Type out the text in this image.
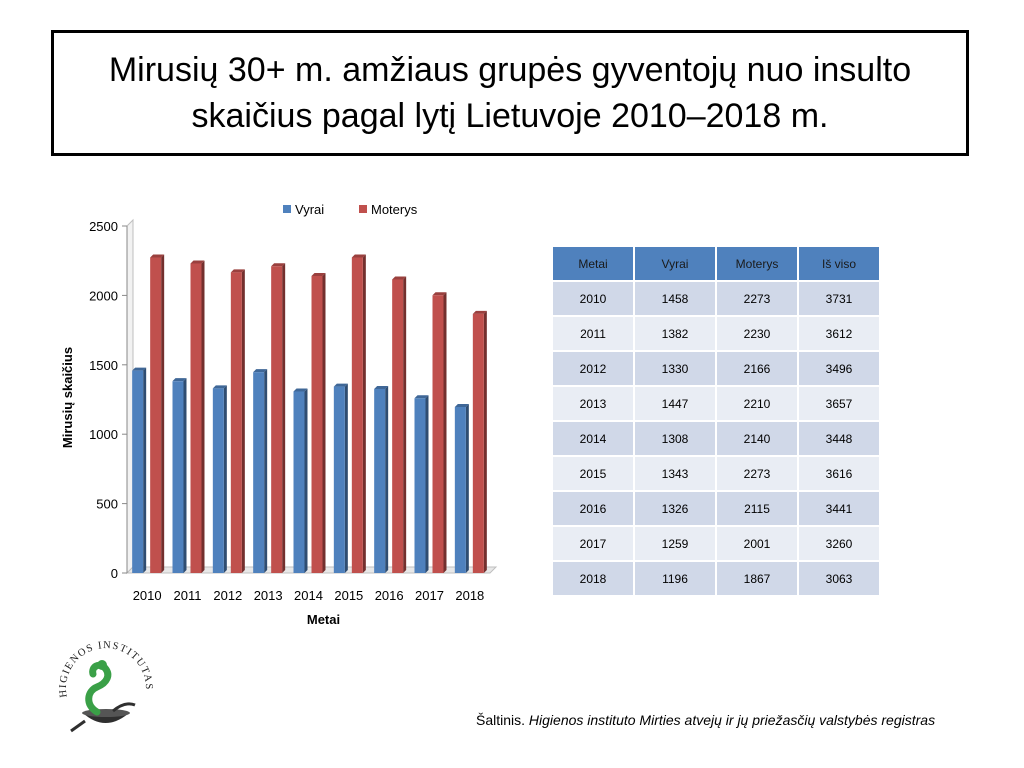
Mirusių 30+ m. amžiaus grupės gyventojų nuo insulto
skaičius pagal lytį Lietuvoje 2010–2018 m.
0
500
1000
1500
2000
2500
2010 2011 2012 2013 2014 2015 2016 2017 2018
Metai
Mirusių skaičius
Vyrai	Moterys
Metai	Vyrai	Moterys	Iš viso
2010	1458	2273	3731
2011	1382	2230	3612
2012	1330	2166	3496
2013	1447	2210	3657
2014	1308	2140	3448
2015	1343	2273	3616
2016	1326	2115	3441
2017	1259	2001	3260
2018	1196	1867	3063
HIGIENOS INSTITUTAS
Šaltinis. Higienos instituto Mirties atvejų ir jų priežasčių valstybės registras
